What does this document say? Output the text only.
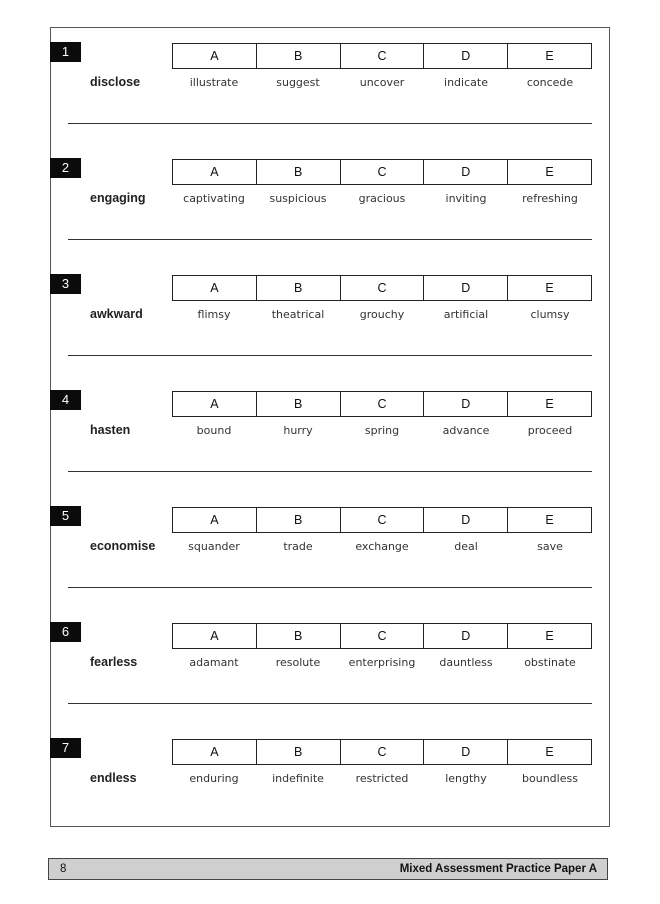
1
disclose
A	B	C	D	E
illustrate	suggest	uncover	indicate	concede
2
engaging
A	B	C	D	E
captivating	suspicious	gracious	inviting	refreshing
3
awkward
A	B	C	D	E
flimsy	theatrical	grouchy	artificial	clumsy
4
hasten
A	B	C	D	E
bound	hurry	spring	advance	proceed
5
economise
A	B	C	D	E
squander	trade	exchange	deal	save
6
fearless
A	B	C	D	E
adamant	resolute	enterprising	dauntless	obstinate
7
endless
A	B	C	D	E
enduring	indefinite	restricted	lengthy	boundless
8	Mixed Assessment Practice Paper A
